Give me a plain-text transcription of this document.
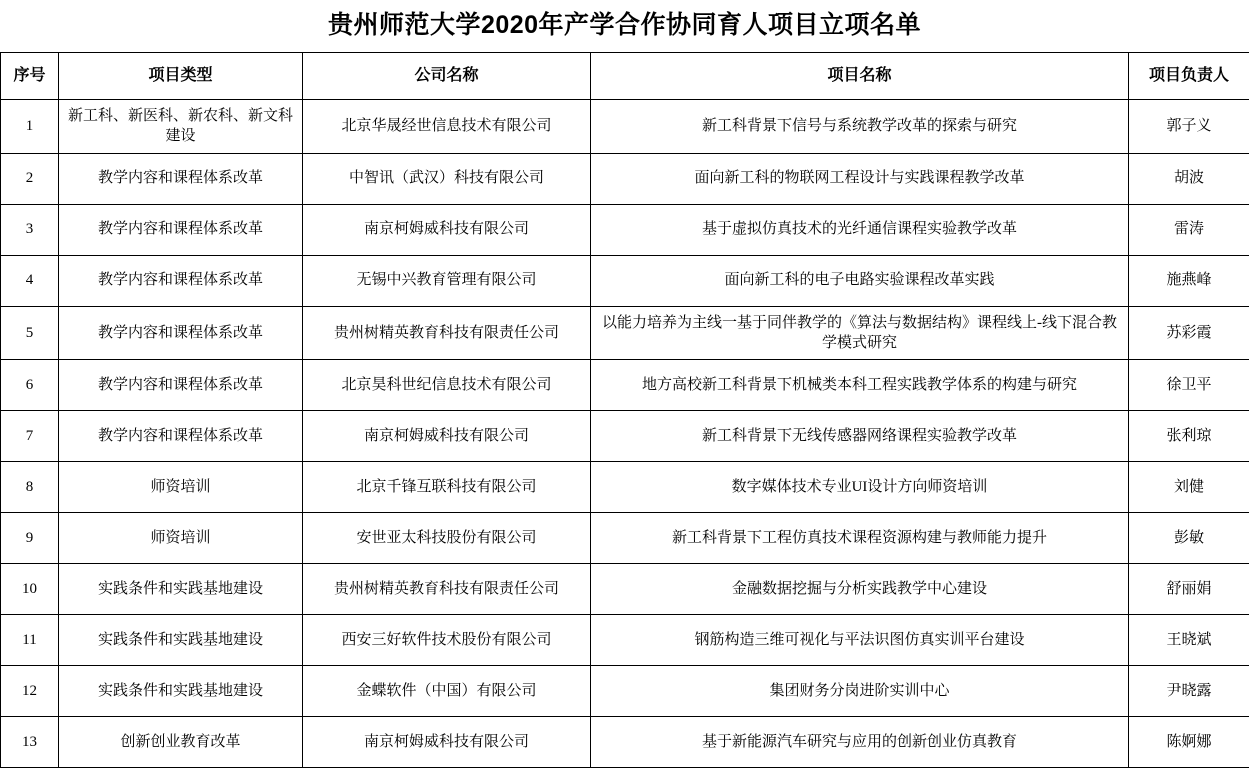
贵州师范大学2020年产学合作协同育人项目立项名单
序号	项目类型	公司名称	项目名称	项目负责人
1	新工科、新医科、新农科、新文科建设	北京华晟经世信息技术有限公司	新工科背景下信号与系统教学改革的探索与研究	郭子义
2	教学内容和课程体系改革	中智讯（武汉）科技有限公司	面向新工科的物联网工程设计与实践课程教学改革	胡波
3	教学内容和课程体系改革	南京柯姆威科技有限公司	基于虚拟仿真技术的光纤通信课程实验教学改革	雷涛
4	教学内容和课程体系改革	无锡中兴教育管理有限公司	面向新工科的电子电路实验课程改革实践	施燕峰
5	教学内容和课程体系改革	贵州树精英教育科技有限责任公司	以能力培养为主线一基于同伴教学的《算法与数据结构》课程线上-线下混合教学模式研究	苏彩霞
6	教学内容和课程体系改革	北京昊科世纪信息技术有限公司	地方高校新工科背景下机械类本科工程实践教学体系的构建与研究	徐卫平
7	教学内容和课程体系改革	南京柯姆威科技有限公司	新工科背景下无线传感器网络课程实验教学改革	张利琼
8	师资培训	北京千锋互联科技有限公司	数字媒体技术专业UI设计方向师资培训	刘健
9	师资培训	安世亚太科技股份有限公司	新工科背景下工程仿真技术课程资源构建与教师能力提升	彭敏
10	实践条件和实践基地建设	贵州树精英教育科技有限责任公司	金融数据挖掘与分析实践教学中心建设	舒丽娟
11	实践条件和实践基地建设	西安三好软件技术股份有限公司	钢筋构造三维可视化与平法识图仿真实训平台建设	王晓斌
12	实践条件和实践基地建设	金蝶软件（中国）有限公司	集团财务分岗进阶实训中心	尹晓露
13	创新创业教育改革	南京柯姆威科技有限公司	基于新能源汽车研究与应用的创新创业仿真教育	陈婀娜
